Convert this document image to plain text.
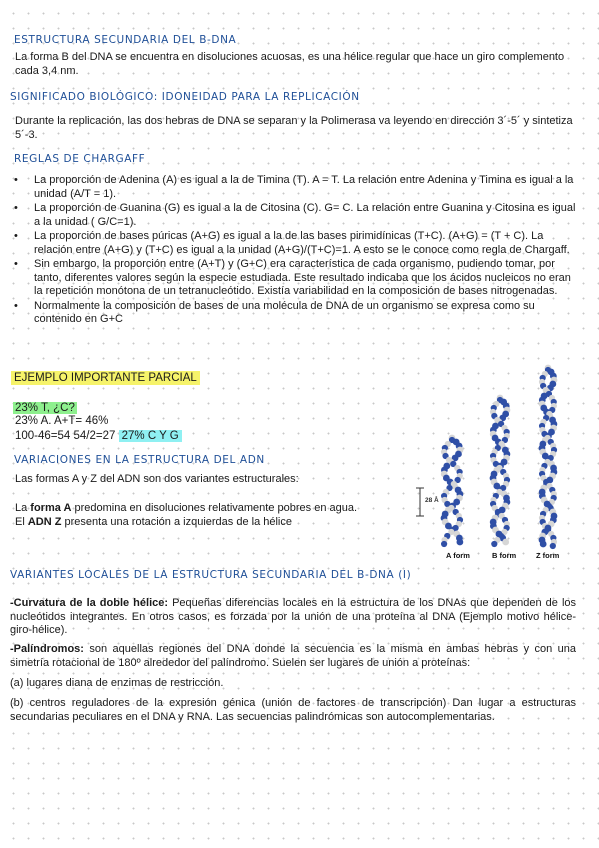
ESTRUCTURA SECUNDARIA DEL B-DNA
La forma B del DNA se encuentra en disoluciones acuosas, es una hélice regular que hace un giro complemento cada 3,4 nm.
SIGNIFICADO BIOLÓGICO: IDONEIDAD PARA LA REPLICACIÓN
Durante la replicación, las dos hebras de DNA se separan y la Polimerasa va leyendo en dirección 3´-5´ y sintetiza 5´-3.
REGLAS DE CHARGAFF
• La proporción de Adenina (A) es igual a la de Timina (T). A = T. La relación entre Adenina y Timina es igual a la unidad (A/T = 1).
• La proporción de Guanina (G) es igual a la de Citosina (C). G= C. La relación entre Guanina y Citosina es igual a la unidad ( G/C=1).
• La proporción de bases púricas (A+G) es igual a la de las bases pirimidínicas (T+C). (A+G) = (T + C). La relación entre (A+G) y (T+C) es igual a la unidad (A+G)/(T+C)=1. A esto se le conoce como regla de Chargaff.
• Sin embargo, la proporción entre (A+T) y (G+C) era característica de cada organismo, pudiendo tomar, por tanto, diferentes valores según la especie estudiada. Este resultado indicaba que los ácidos nucleicos no eran la repetición monótona de un tetranucleótido. Existía variabilidad en la composición de bases nitrogenadas.
• Normalmente la composición de bases de una molécula de DNA de un organismo se expresa como su contenido en G+C
EJEMPLO IMPORTANTE PARCIAL
23% T, ¿C?
23% A. A+T= 46%
100-46=54 54/2=27 27% C Y G
VARIACIONES EN LA ESTRUCTURA DEL ADN
Las formas A y Z del ADN son dos variantes estructurales:
La forma A predomina en disoluciones relativamente pobres en agua.
El ADN Z presenta una rotación a izquierdas de la hélice
28 Å
A form	B form	Z form
VARIANTES LOCALES DE LA ESTRUCTURA SECUNDARIA DEL B-DNA (I)
-Curvatura de la doble hélice: Pequeñas diferencias locales en la estructura de los DNAs que dependen de los nucleótidos integrantes. En otros casos, es forzada por la unión de una proteína al DNA (Ejemplo motivo hélice-giro-hélice).
-Palíndromos: son aquellas regiones del DNA donde la secuencia es la misma en ambas hebras y con una simetría rotacional de 180º alrededor del palíndromo. Suelen ser lugares de unión a proteínas:
(a) lugares diana de enzimas de restricción.
(b) centros reguladores de la expresión génica (unión de factores de transcripción) Dan lugar a estructuras secundarias peculiares en el DNA y RNA. Las secuencias palindrómicas son autocomplementarias.
